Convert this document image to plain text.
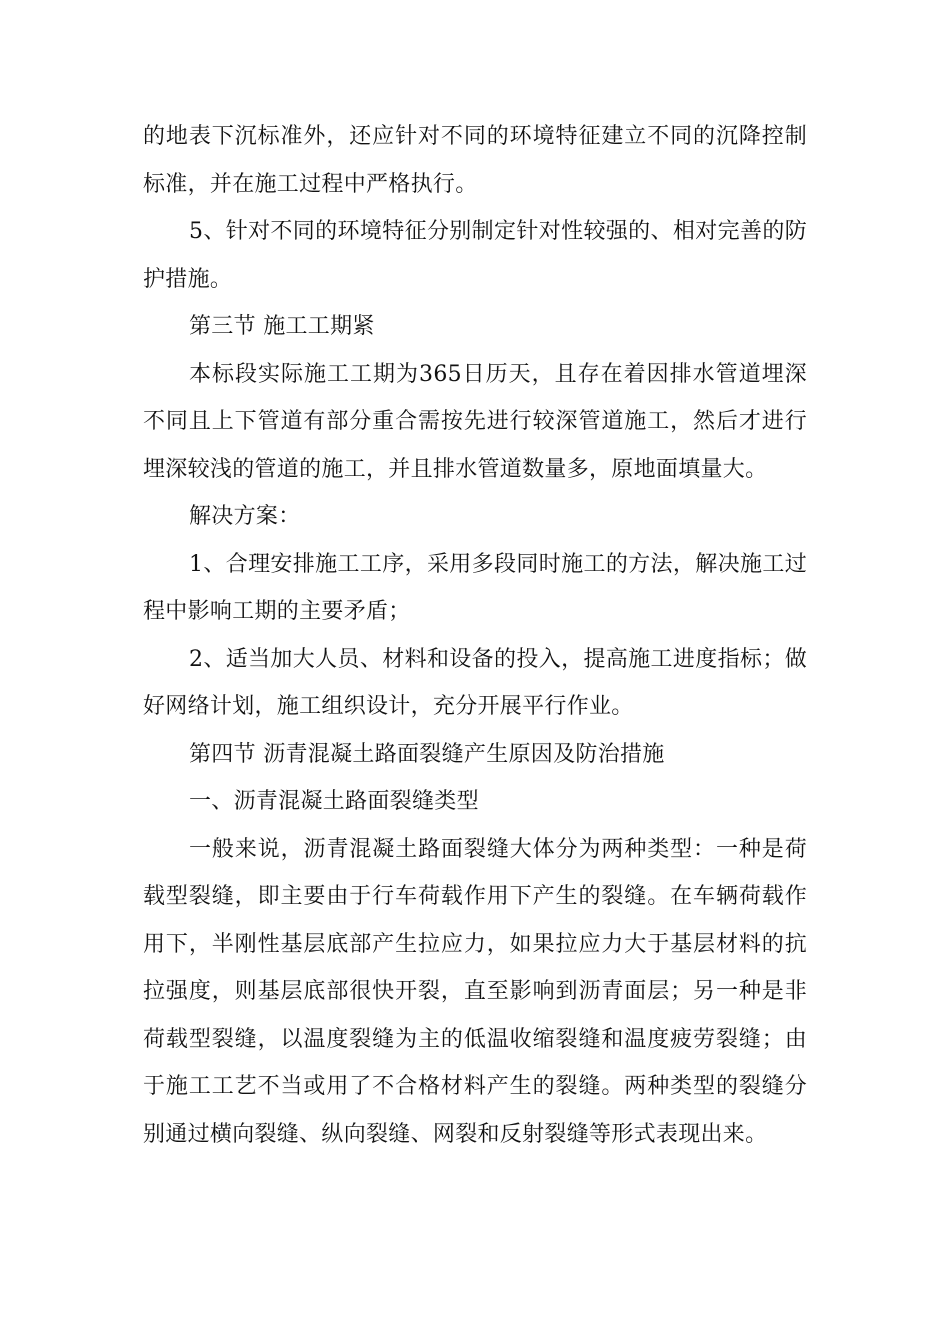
的地表下沉标准外，还应针对不同的环境特征建立不同的沉降控制标准，并在施工过程中严格执行。

5、针对不同的环境特征分别制定针对性较强的、相对完善的防护措施。

第三节 施工工期紧

本标段实际施工工期为365日历天，且存在着因排水管道埋深不同且上下管道有部分重合需按先进行较深管道施工，然后才进行埋深较浅的管道的施工，并且排水管道数量多，原地面填量大。

解决方案：

1、合理安排施工工序，采用多段同时施工的方法，解决施工过程中影响工期的主要矛盾；

2、适当加大人员、材料和设备的投入，提高施工进度指标；做好网络计划，施工组织设计，充分开展平行作业。

第四节 沥青混凝土路面裂缝产生原因及防治措施

一、沥青混凝土路面裂缝类型

一般来说，沥青混凝土路面裂缝大体分为两种类型：一种是荷载型裂缝，即主要由于行车荷载作用下产生的裂缝。在车辆荷载作用下，半刚性基层底部产生拉应力，如果拉应力大于基层材料的抗拉强度，则基层底部很快开裂，直至影响到沥青面层；另一种是非荷载型裂缝，以温度裂缝为主的低温收缩裂缝和温度疲劳裂缝；由于施工工艺不当或用了不合格材料产生的裂缝。两种类型的裂缝分别通过横向裂缝、纵向裂缝、网裂和反射裂缝等形式表现出来。
